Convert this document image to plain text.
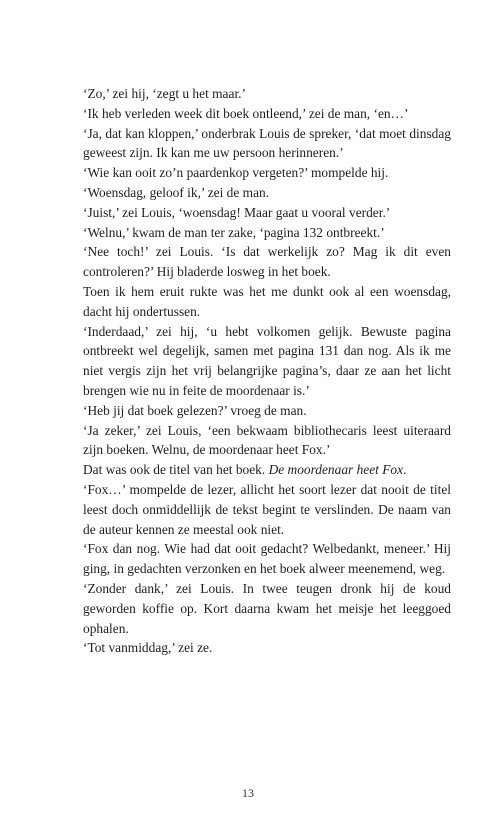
‘Zo,’ zei hij, ‘zegt u het maar.’

‘Ik heb verleden week dit boek ontleend,’ zei de man, ‘en…’

‘Ja, dat kan kloppen,’ onderbrak Louis de spreker, ‘dat moet dinsdag geweest zijn. Ik kan me uw persoon herinneren.’

‘Wie kan ooit zo’n paardenkop vergeten?’ mompelde hij.

‘Woensdag, geloof ik,’ zei de man.

‘Juist,’ zei Louis, ‘woensdag! Maar gaat u vooral verder.’

‘Welnu,’ kwam de man ter zake, ‘pagina 132 ontbreekt.’

‘Nee toch!’ zei Louis. ‘Is dat werkelijk zo? Mag ik dit even controleren?’ Hij bladerde losweg in het boek.

Toen ik hem eruit rukte was het me dunkt ook al een woensdag, dacht hij ondertussen.

‘Inderdaad,’ zei hij, ‘u hebt volkomen gelijk. Bewuste pagina ontbreekt wel degelijk, samen met pagina 131 dan nog. Als ik me niet vergis zijn het vrij belangrijke pagina’s, daar ze aan het licht brengen wie nu in feite de moordenaar is.’

‘Heb jij dat boek gelezen?’ vroeg de man.

‘Ja zeker,’ zei Louis, ‘een bekwaam bibliothecaris leest uiteraard zijn boeken. Welnu, de moordenaar heet Fox.’

Dat was ook de titel van het boek. De moordenaar heet Fox.

‘Fox…’ mompelde de lezer, allicht het soort lezer dat nooit de titel leest doch onmiddellijk de tekst begint te verslinden. De naam van de auteur kennen ze meestal ook niet.

‘Fox dan nog. Wie had dat ooit gedacht? Welbedankt, meneer.’ Hij ging, in gedachten verzonken en het boek alweer meenemend, weg.

‘Zonder dank,’ zei Louis. In twee teugen dronk hij de koud geworden koffie op. Kort daarna kwam het meisje het leeggoed ophalen.

‘Tot vanmiddag,’ zei ze.

13
